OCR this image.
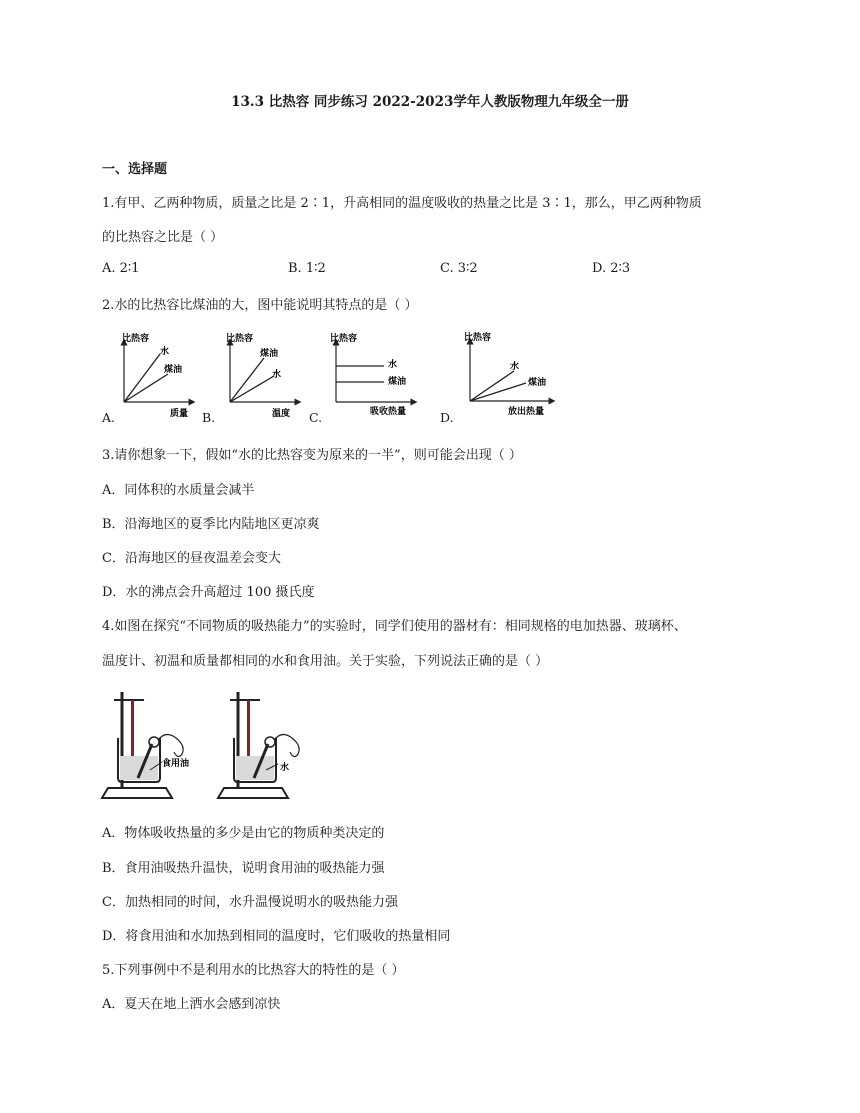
13.3 比热容 同步练习 2022-2023学年人教版物理九年级全一册
一、选择题
1.有甲、乙两种物质，质量之比是 2∶1，升高相同的温度吸收的热量之比是 3∶1，那么，甲乙两种物质
的比热容之比是（ ）
A. 2∶1	B. 1∶2	C. 3∶2	D. 2∶3
2.水的比热容比煤油的大，图中能说明其特点的是（ ）
A.	B.	C.	D.
比热容
水
煤油
质量
比热容
煤油
水
温度
比热容
水
煤油
吸收热量
比热容
水
煤油
放出热量
3.请你想象一下，假如“水的比热容变为原来的一半”，则可能会出现（ ）
A．同体积的水质量会减半
B．沿海地区的夏季比内陆地区更凉爽
C．沿海地区的昼夜温差会变大
D．水的沸点会升高超过 100 摄氏度
4.如图在探究“不同物质的吸热能力”的实验时，同学们使用的器材有：相同规格的电加热器、玻璃杯、
温度计、初温和质量都相同的水和食用油。关于实验，下列说法正确的是（ ）
食用油	水
A．物体吸收热量的多少是由它的物质种类决定的
B．食用油吸热升温快，说明食用油的吸热能力强
C．加热相同的时间，水升温慢说明水的吸热能力强
D．将食用油和水加热到相同的温度时，它们吸收的热量相同
5.下列事例中不是利用水的比热容大的特性的是（ ）
A．夏天在地上洒水会感到凉快
